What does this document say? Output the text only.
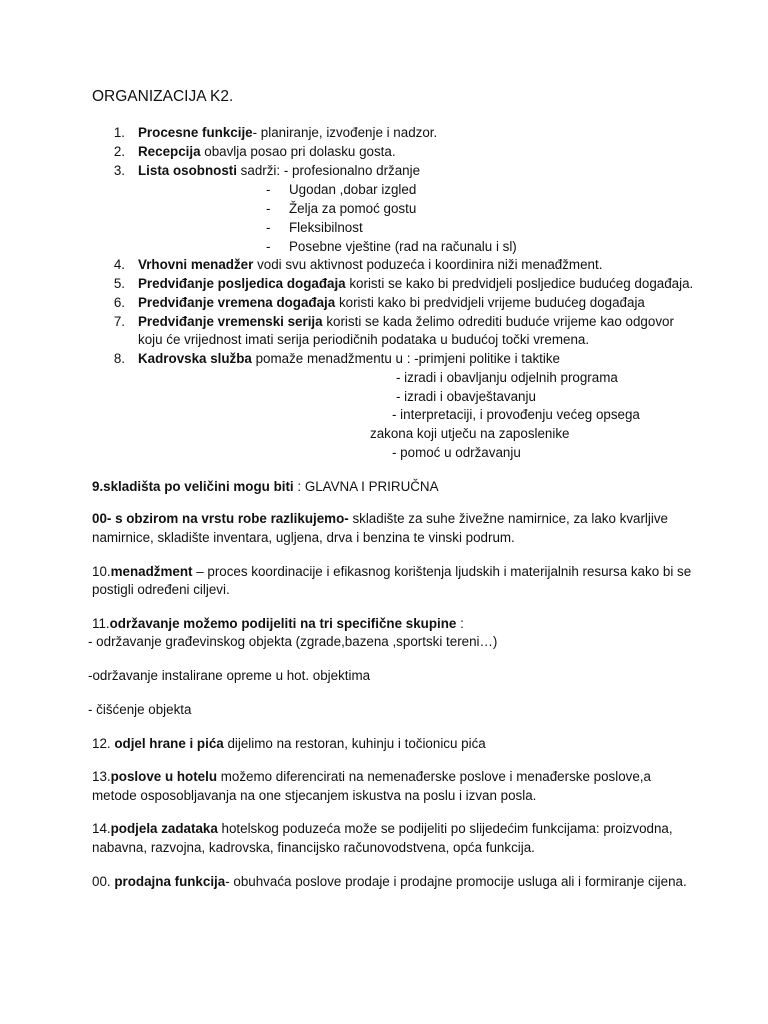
ORGANIZACIJA K2.
1. Procesne funkcije- planiranje, izvođenje i nadzor.
2. Recepcija obavlja posao pri dolasku gosta.
3. Lista osobnosti sadrži: - profesionalno držanje
- Ugodan ,dobar izgled
- Želja za pomoć gostu
- Fleksibilnost
- Posebne vještine (rad na računalu i sl)
4. Vrhovni menadžer vodi svu aktivnost poduzeća i koordinira niži menađžment.
5. Predviđanje posljedica događaja koristi se kako bi predvidjeli posljedice budućeg događaja.
6. Predviđanje vremena događaja koristi kako bi predvidjeli vrijeme budućeg događaja
7. Predviđanje vremenski serija koristi se kada želimo odrediti buduće vrijeme kao odgovor
koju će vrijednost imati serija periodičnih podataka u budućoj točki vremena.
8. Kadrovska služba pomaže menadžmentu u : -primjeni politike i taktike
- izradi i obavljanju odjelnih programa
- izradi i obavještavanju
- interpretaciji, i provođenju većeg opsega
zakona koji utječu na zaposlenike
- pomoć u održavanju
9.skladišta po veličini mogu biti : GLAVNA I PRIRUČNA
00- s obzirom na vrstu robe razlikujemo- skladište za suhe živežne namirnice, za lako kvarljive
namirnice, skladište inventara, ugljena, drva i benzina te vinski podrum.
10.menadžment – proces koordinacije i efikasnog korištenja ljudskih i materijalnih resursa kako bi se
postigli određeni ciljevi.
11.održavanje možemo podijeliti na tri specifične skupine :
- održavanje građevinskog objekta (zgrade,bazena ,sportski tereni…)
-održavanje instalirane opreme u hot. objektima
- čišćenje objekta
12. odjel hrane i pića dijelimo na restoran, kuhinju i točionicu pića
13.poslove u hotelu možemo diferencirati na nemenađerske poslove i menađerske poslove,a
metode osposobljavanja na one stjecanjem iskustva na poslu i izvan posla.
14.podjela zadataka hotelskog poduzeća može se podijeliti po slijedećim funkcijama: proizvodna,
nabavna, razvojna, kadrovska, financijsko računovodstvena, opća funkcija.
00. prodajna funkcija- obuhvaća poslove prodaje i prodajne promocije usluga ali i formiranje cijena.
